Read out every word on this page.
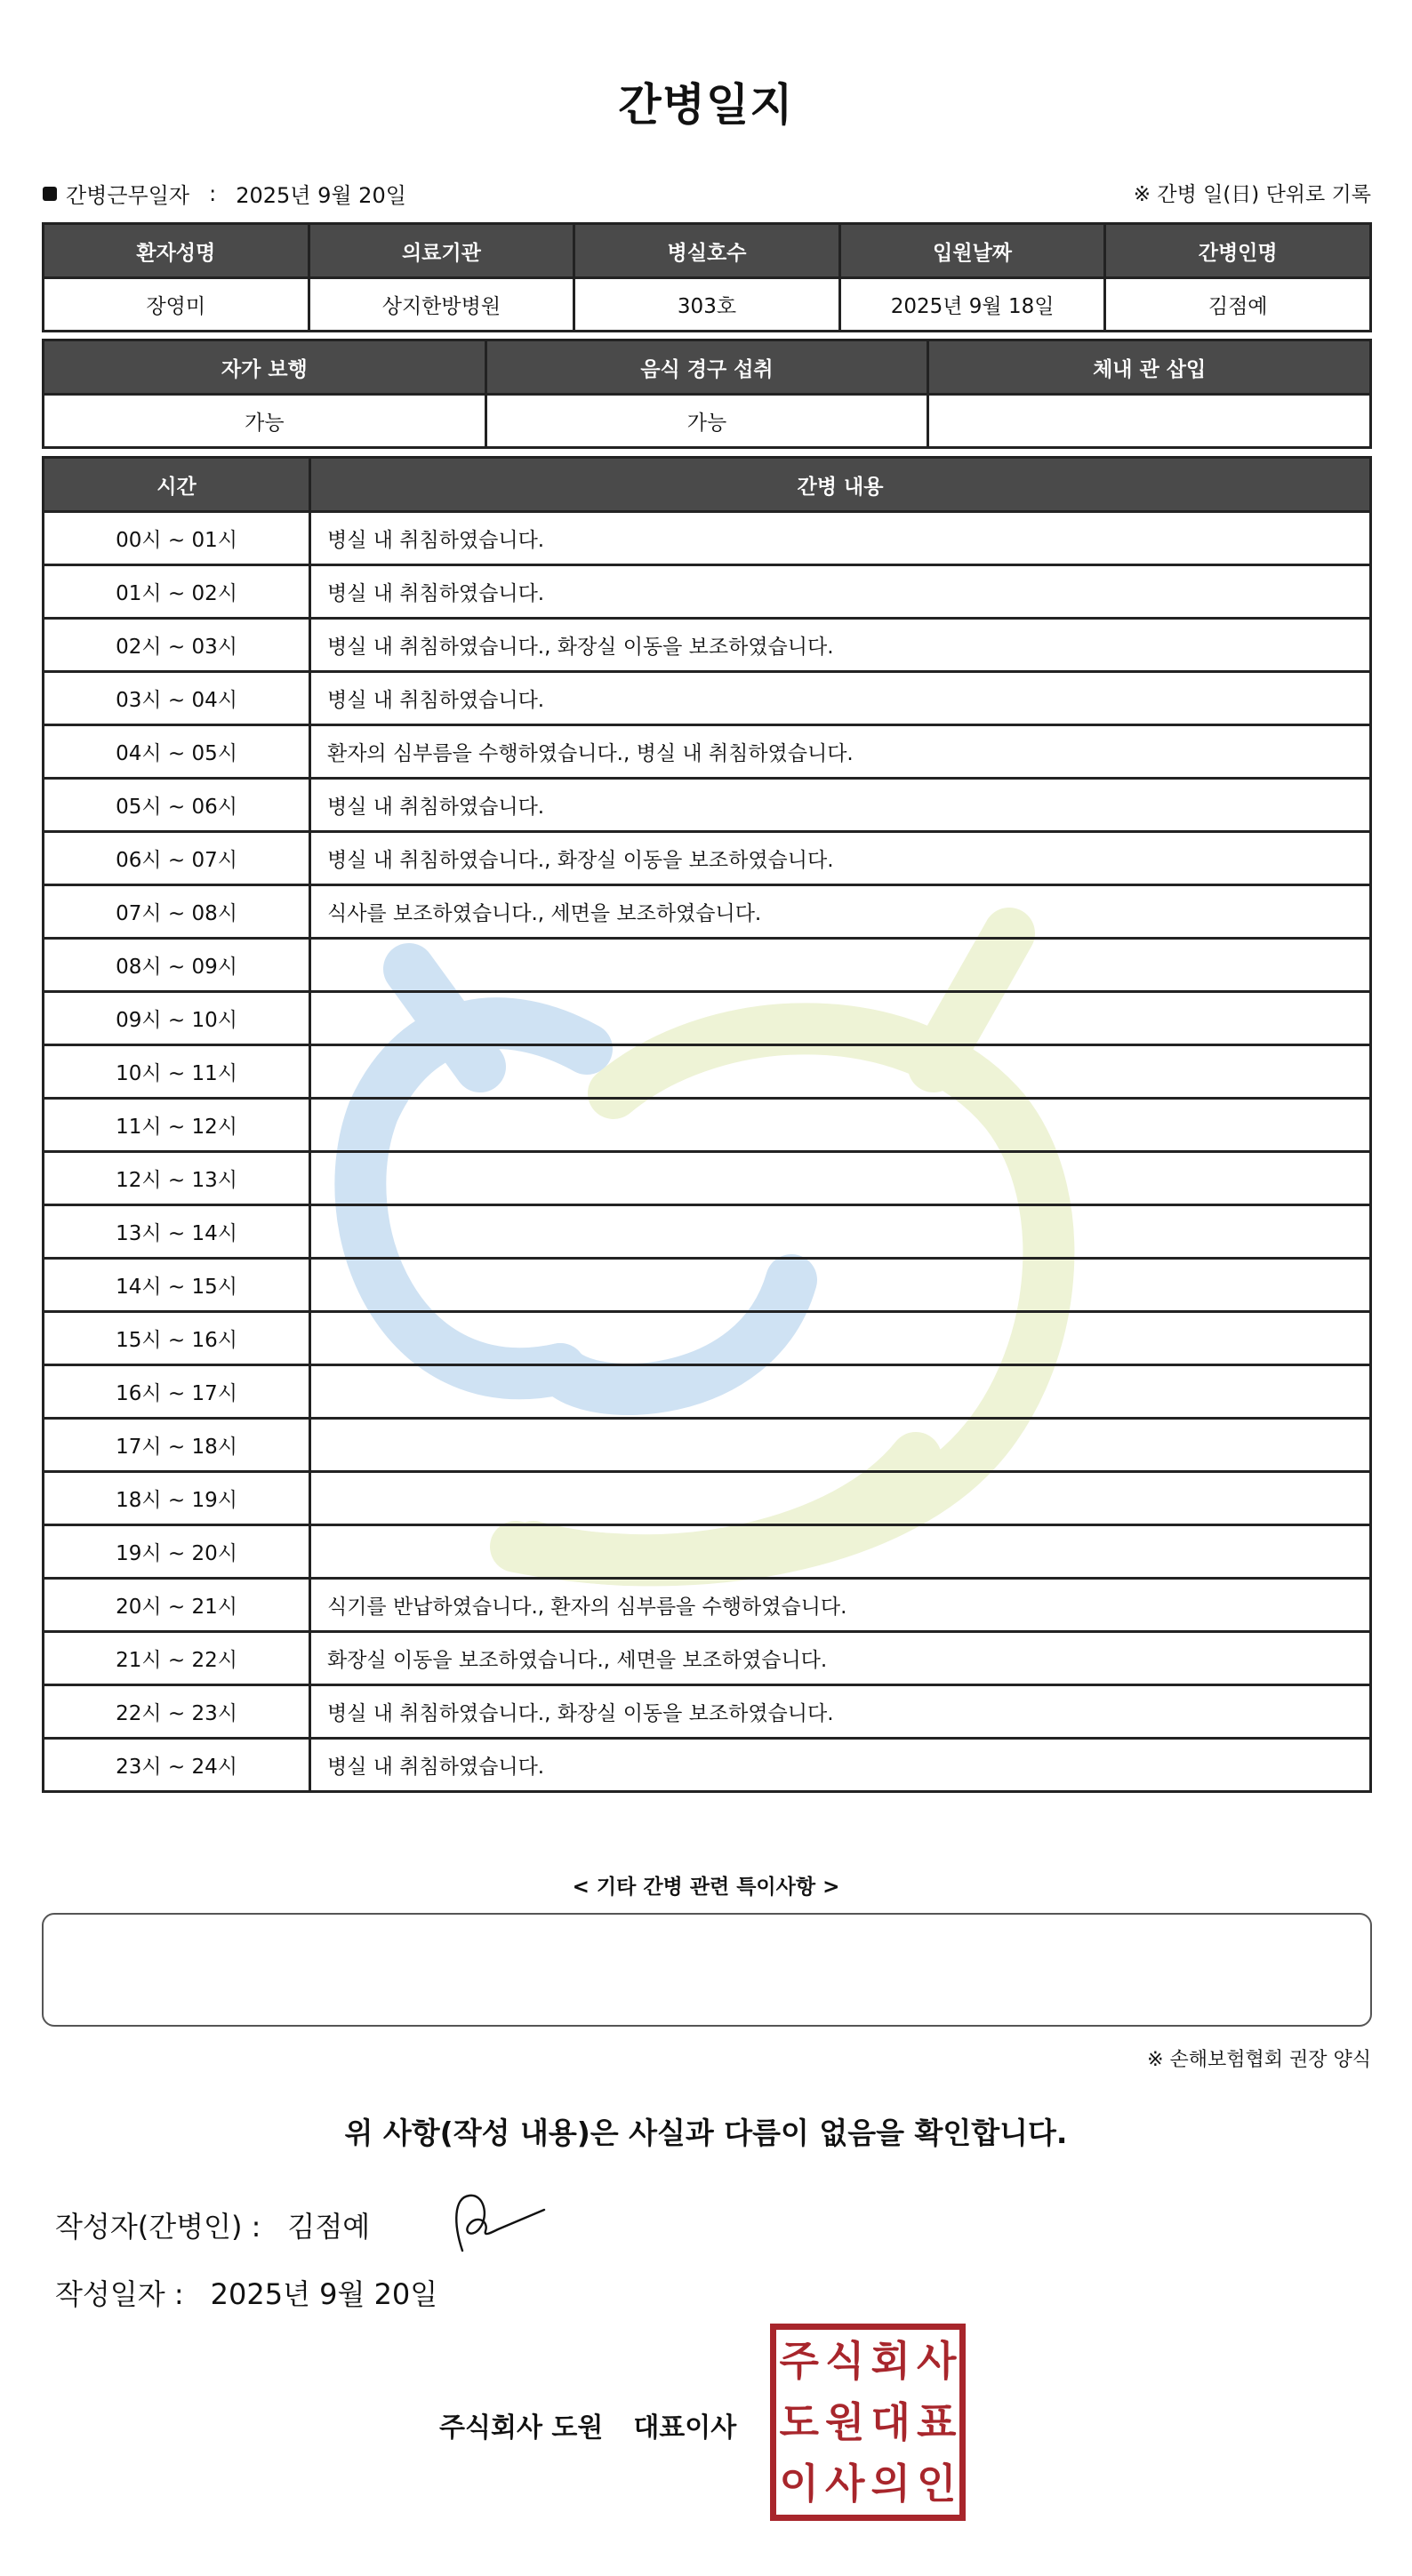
간병일지
간병근무일자 : 2025년 9월 20일	※ 간병 일(日) 단위로 기록
환자성명	의료기관	병실호수	입원날짜	간병인명
장영미	상지한방병원	303호	2025년 9월 18일	김점예
자가 보행	음식 경구 섭취	체내 관 삽입
가능	가능	
시간	간병 내용
00시 ~ 01시	병실 내 취침하였습니다.
01시 ~ 02시	병실 내 취침하였습니다.
02시 ~ 03시	병실 내 취침하였습니다., 화장실 이동을 보조하였습니다.
03시 ~ 04시	병실 내 취침하였습니다.
04시 ~ 05시	환자의 심부름을 수행하였습니다., 병실 내 취침하였습니다.
05시 ~ 06시	병실 내 취침하였습니다.
06시 ~ 07시	병실 내 취침하였습니다., 화장실 이동을 보조하였습니다.
07시 ~ 08시	식사를 보조하였습니다., 세면을 보조하였습니다.
08시 ~ 09시	
09시 ~ 10시	
10시 ~ 11시	
11시 ~ 12시	
12시 ~ 13시	
13시 ~ 14시	
14시 ~ 15시	
15시 ~ 16시	
16시 ~ 17시	
17시 ~ 18시	
18시 ~ 19시	
19시 ~ 20시	
20시 ~ 21시	식기를 반납하였습니다., 환자의 심부름을 수행하였습니다.
21시 ~ 22시	화장실 이동을 보조하였습니다., 세면을 보조하였습니다.
22시 ~ 23시	병실 내 취침하였습니다., 화장실 이동을 보조하였습니다.
23시 ~ 24시	병실 내 취침하였습니다.
< 기타 간병 관련 특이사항 >
※ 손해보험협회 권장 양식
위 사항(작성 내용)은 사실과 다름이 없음을 확인합니다.
작성자(간병인) : 김점예
작성일자 : 2025년 9월 20일
주식회사 도원 대표이사
주 식 회 사
도 원 대 표
이 사 의 인
